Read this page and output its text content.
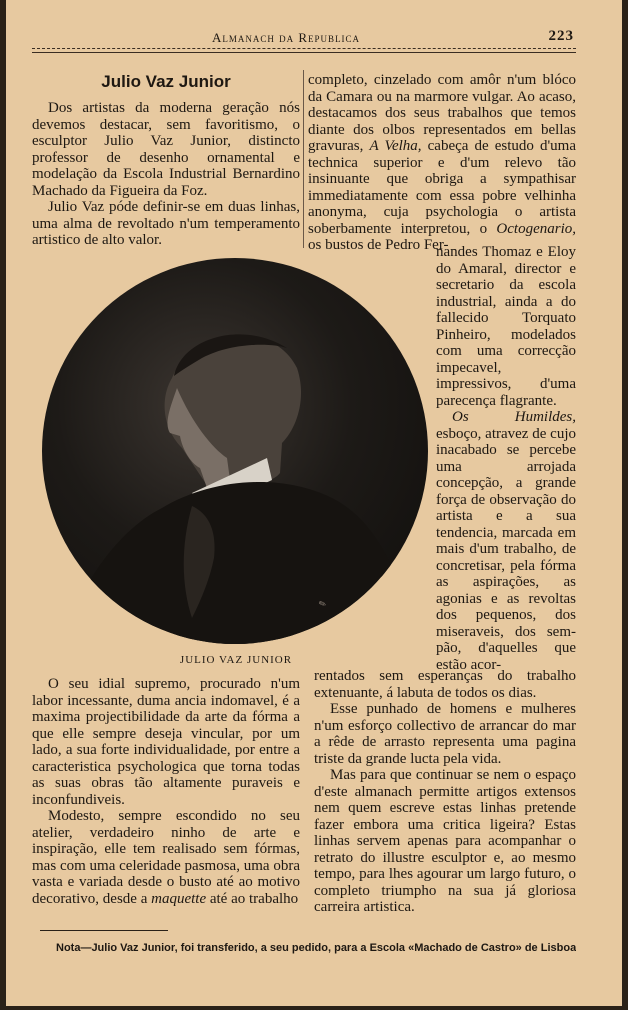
Almanach da Republica	223
Julio Vaz Junior

Dos artistas da moderna geração nós devemos destacar, sem favoritismo, o esculptor Julio Vaz Junior, distincto professor de desenho ornamental e modelação da Escola Industrial Bernardino Machado da Figueira da Foz.

Julio Vaz póde definir-se em duas linhas, uma alma de revoltado n'um temperamento artistico de alto valor.

completo, cinzelado com amôr n'um blóco da Camara ou na marmore vulgar. Ao acaso, destacamos dos seus trabalhos que temos diante dos olbos representados em bellas gravuras, A Velha, cabeça de estudo d'uma technica superior e d'um relevo tão insinuante que obriga a sympathisar immediatamente com essa pobre velhinha anonyma, cuja psychologia o artista soberbamente interpretou, o Octogenario, os bustos de Pedro Fer-

nandes Thomaz e Eloy do Amaral, director e secretario da escola industrial, ainda a do fallecido Torquato Pinheiro, modelados com uma correcção impecavel, impressivos, d'uma parecença flagrante.

Os Humildes, esboço, atravez de cujo inacabado se percebe uma arrojada concepção, a grande força de observação do artista e a sua tendencia, marcada em mais d'um trabalho, de concretisar, pela fórma as aspirações, as agonias e as revoltas dos pequenos, dos miseraveis, dos sem-pão, d'aquelles que estão acor-

✎
JULIO VAZ JUNIOR

O seu idial supremo, procurado n'um labor incessante, duma ancia indomavel, é a maxima projectibilidade da arte da fórma a que elle sempre deseja vincular, por um lado, a sua forte individualidade, por entre a caracteristica psychologica que torna todas as suas obras tão altamente puraveis e inconfundiveis.

Modesto, sempre escondido no seu atelier, verdadeiro ninho de arte e inspiração, elle tem realisado sem fórmas, mas com uma celeridade pasmosa, uma obra vasta e variada desde o busto até ao motivo decorativo, desde a maquette até ao trabalho

rentados sem esperanças do trabalho extenuante, á labuta de todos os dias.

Esse punhado de homens e mulheres n'um esforço collectivo de arrancar do mar a rêde de arrasto representa uma pagina triste da grande lucta pela vida.

Mas para que continuar se nem o espaço d'este almanach permitte artigos extensos nem quem escreve estas linhas pretende fazer embora uma critica ligeira? Estas linhas servem apenas para acompanhar o retrato do illustre esculptor e, ao mesmo tempo, para lhes agourar um largo futuro, o completo triumpho na sua já gloriosa carreira artistica.

Nota—Julio Vaz Junior, foi transferido, a seu pedido, para a Escola «Machado de Castro» de Lisboa
